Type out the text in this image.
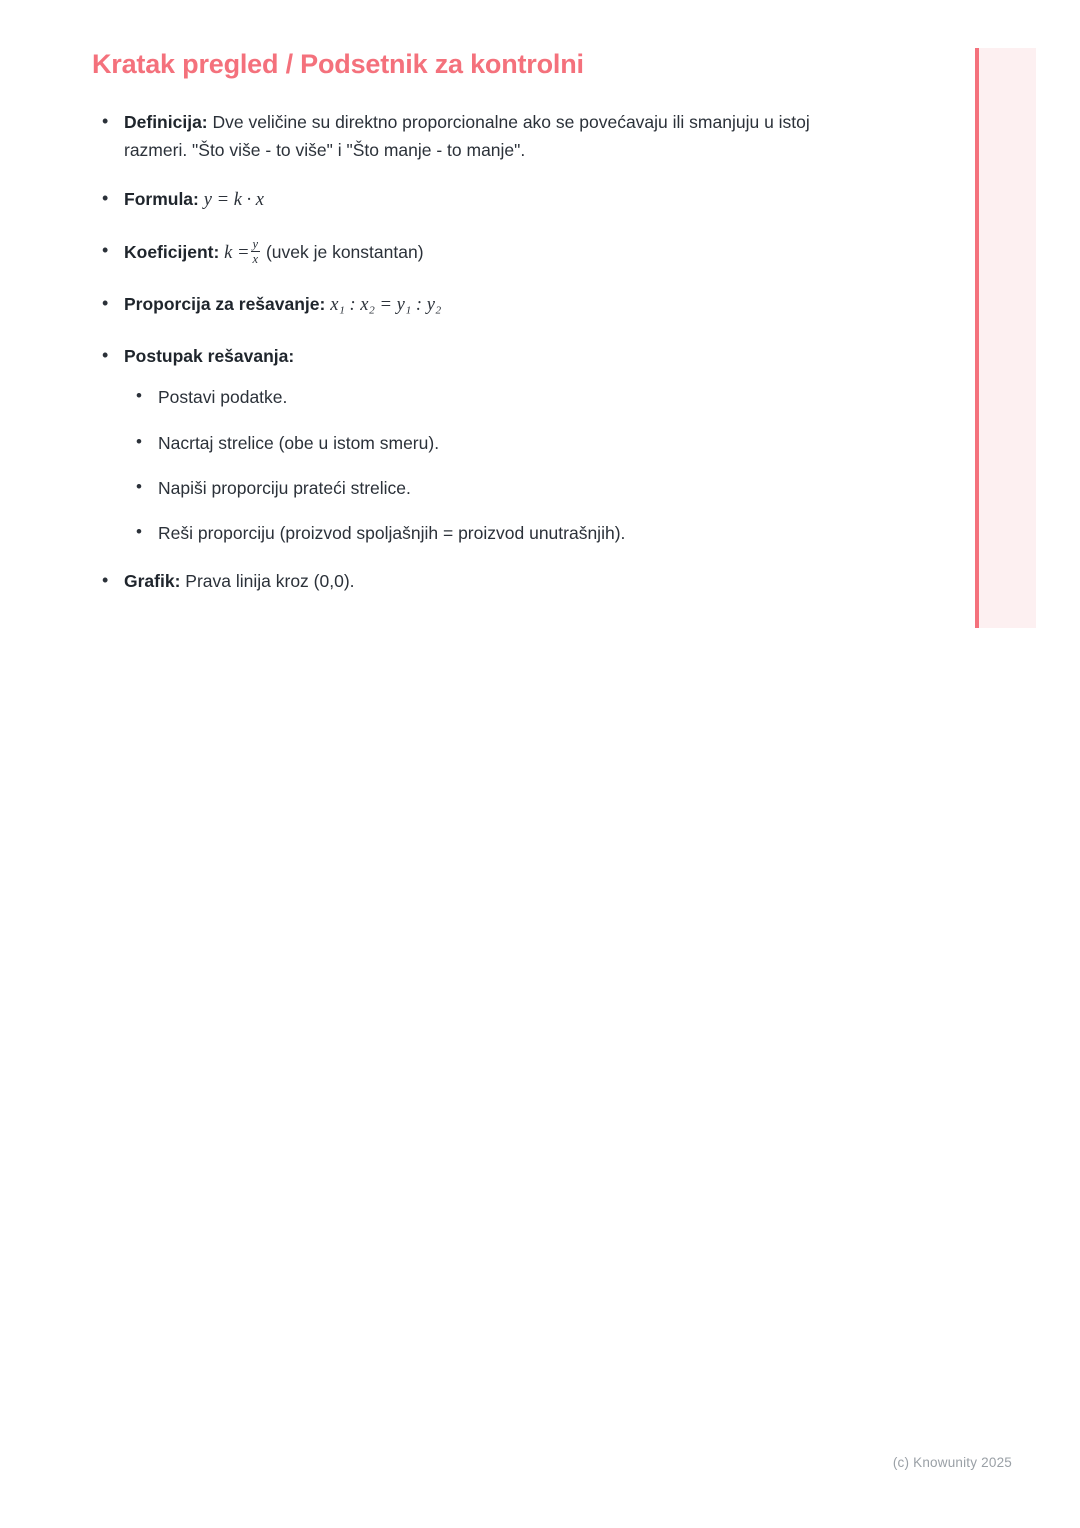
Kratak pregled / Podsetnik za kontrolni
• Definicija: Dve veličine su direktno proporcionalne ako se povećavaju ili smanjuju u istoj razmeri. "Što više - to više" i "Što manje - to manje".
• Formula: y = k · x
• Koeficijent: $k = \frac{y}{x}$ (uvek je konstantan)
• Proporcija za rešavanje: x₁ : x₂ = y₁ : y₂
• Postupak rešavanja:
• Postavi podatke.
• Nacrtaj strelice (obe u istom smeru).
• Napiši proporciju prateći strelice.
• Reši proporciju (proizvod spoljašnjih = proizvod unutrašnjih).
• Grafik: Prava linija kroz (0,0).
(c) Knowunity 2025
